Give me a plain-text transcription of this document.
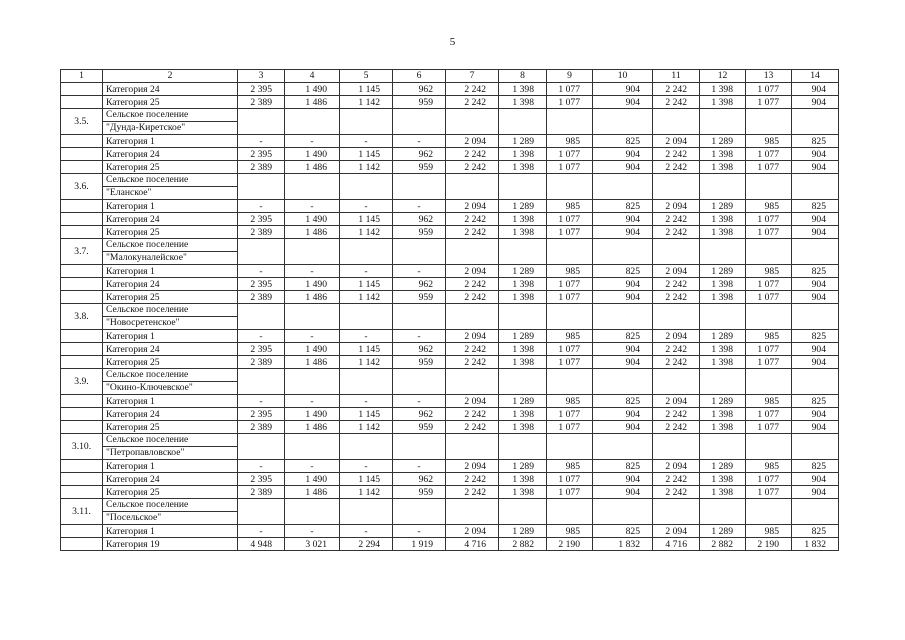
5
1	2	3	4	5	6	7	8	9	10	11	12	13	14
	Категория 24	2 395	1 490	1 145	962	2 242	1 398	1 077	904	2 242	1 398	1 077	904
	Категория 25	2 389	1 486	1 142	959	2 242	1 398	1 077	904	2 242	1 398	1 077	904
3.5.	Сельское поселение												
	"Дунда-Киретское"												
	Категория 1	-	-	-	-	2 094	1 289	985	825	2 094	1 289	985	825
	Категория 24	2 395	1 490	1 145	962	2 242	1 398	1 077	904	2 242	1 398	1 077	904
	Категория 25	2 389	1 486	1 142	959	2 242	1 398	1 077	904	2 242	1 398	1 077	904
3.6.	Сельское поселение												
	"Еланское"												
	Категория 1	-	-	-	-	2 094	1 289	985	825	2 094	1 289	985	825
	Категория 24	2 395	1 490	1 145	962	2 242	1 398	1 077	904	2 242	1 398	1 077	904
	Категория 25	2 389	1 486	1 142	959	2 242	1 398	1 077	904	2 242	1 398	1 077	904
3.7.	Сельское поселение												
	"Малокуналейское"												
	Категория 1	-	-	-	-	2 094	1 289	985	825	2 094	1 289	985	825
	Категория 24	2 395	1 490	1 145	962	2 242	1 398	1 077	904	2 242	1 398	1 077	904
	Категория 25	2 389	1 486	1 142	959	2 242	1 398	1 077	904	2 242	1 398	1 077	904
3.8.	Сельское поселение												
	"Новосретенское"												
	Категория 1	-	-	-	-	2 094	1 289	985	825	2 094	1 289	985	825
	Категория 24	2 395	1 490	1 145	962	2 242	1 398	1 077	904	2 242	1 398	1 077	904
	Категория 25	2 389	1 486	1 142	959	2 242	1 398	1 077	904	2 242	1 398	1 077	904
3.9.	Сельское поселение												
	"Окино-Ключевское"												
	Категория 1	-	-	-	-	2 094	1 289	985	825	2 094	1 289	985	825
	Категория 24	2 395	1 490	1 145	962	2 242	1 398	1 077	904	2 242	1 398	1 077	904
	Категория 25	2 389	1 486	1 142	959	2 242	1 398	1 077	904	2 242	1 398	1 077	904
3.10.	Сельское поселение												
	"Петропавловское"												
	Категория 1	-	-	-	-	2 094	1 289	985	825	2 094	1 289	985	825
	Категория 24	2 395	1 490	1 145	962	2 242	1 398	1 077	904	2 242	1 398	1 077	904
	Категория 25	2 389	1 486	1 142	959	2 242	1 398	1 077	904	2 242	1 398	1 077	904
3.11.	Сельское поселение												
	"Посельское"												
	Категория 1	-	-	-	-	2 094	1 289	985	825	2 094	1 289	985	825
	Категория 19	4 948	3 021	2 294	1 919	4 716	2 882	2 190	1 832	4 716	2 882	2 190	1 832
